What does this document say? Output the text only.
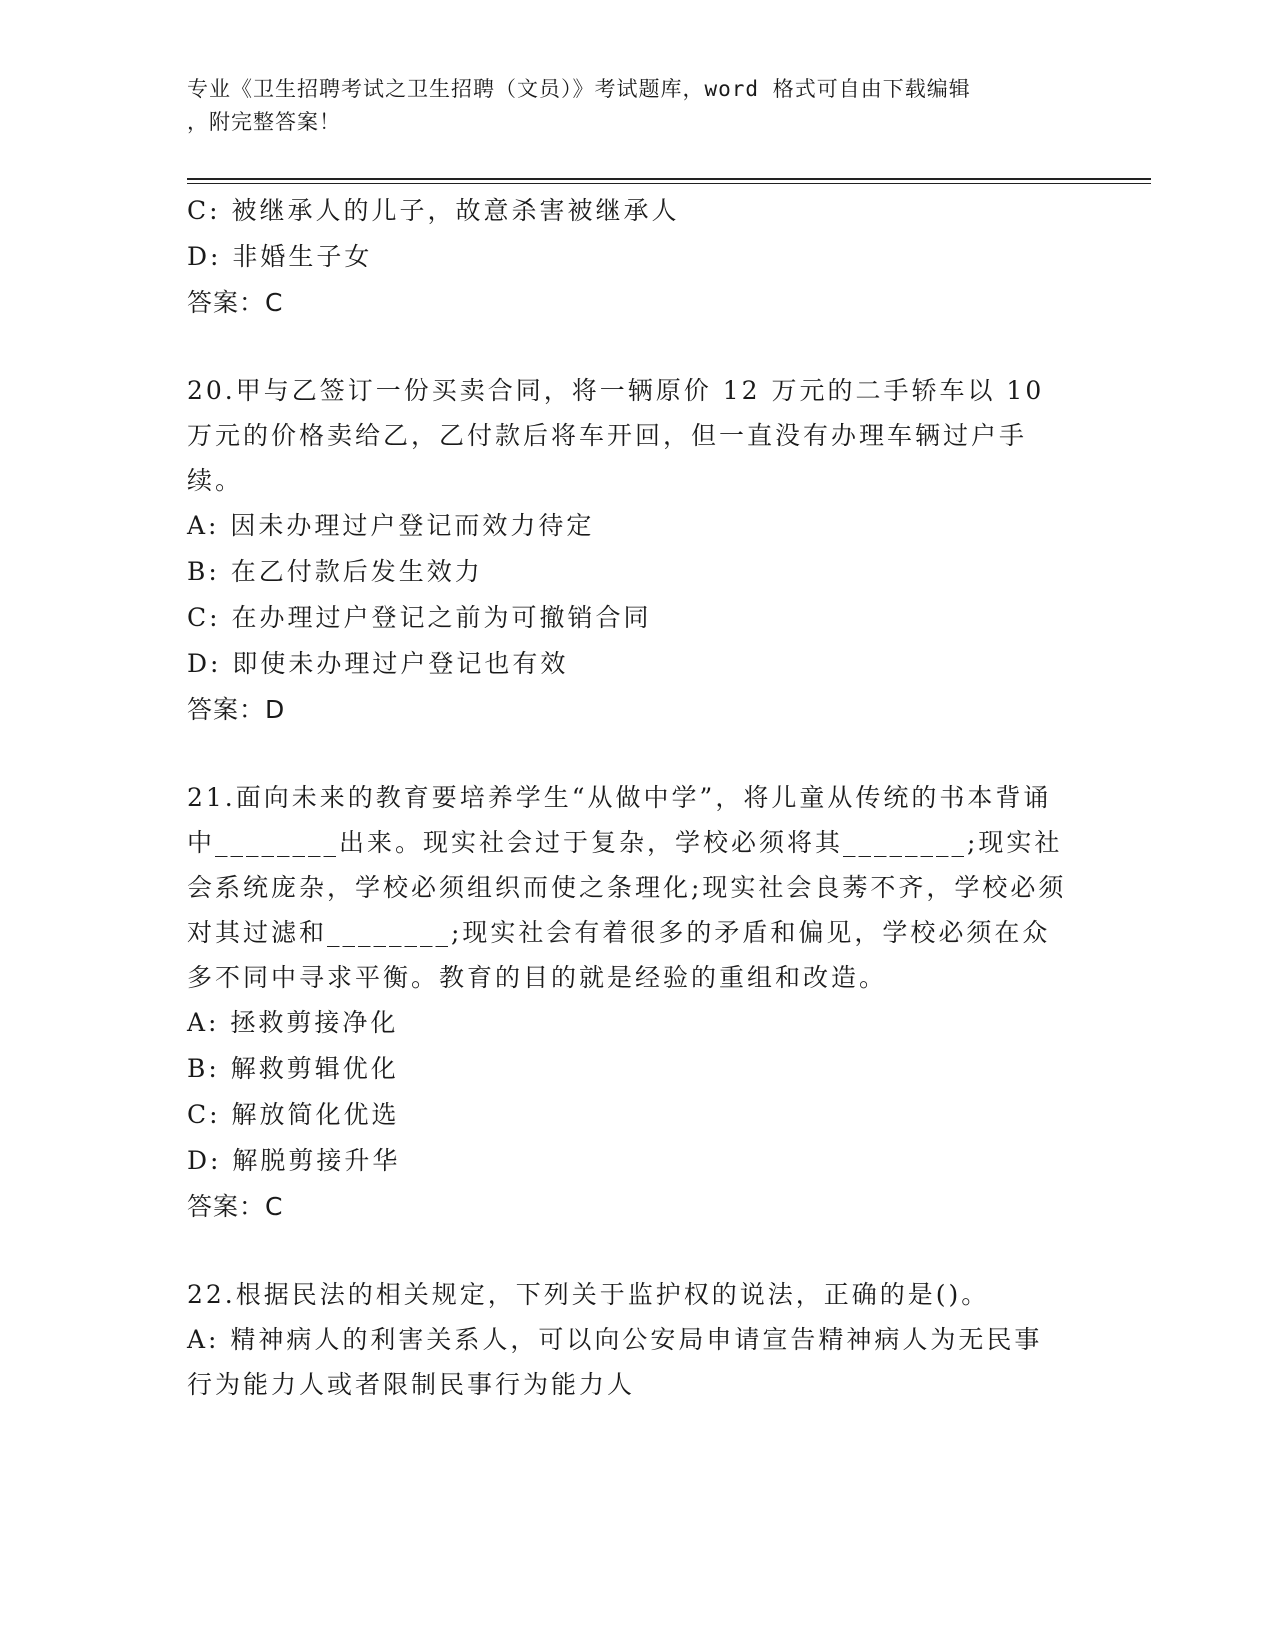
专业《卫生招聘考试之卫生招聘（文员）》考试题库，word 格式可自由下载编辑
，附完整答案！
C: 被继承人的儿子，故意杀害被继承人
D: 非婚生子女
答案：C
20.甲与乙签订一份买卖合同，将一辆原价 12 万元的二手轿车以 10 万元的价格卖给乙，乙付款后将车开回，但一直没有办理车辆过户手续。
A: 因未办理过户登记而效力待定
B: 在乙付款后发生效力
C: 在办理过户登记之前为可撤销合同
D: 即使未办理过户登记也有效
答案：D
21.面向未来的教育要培养学生“从做中学”，将儿童从传统的书本背诵中________出来。现实社会过于复杂，学校必须将其________;现实社会系统庞杂，学校必须组织而使之条理化;现实社会良莠不齐，学校必须对其过滤和________;现实社会有着很多的矛盾和偏见，学校必须在众多不同中寻求平衡。教育的目的就是经验的重组和改造。
A: 拯救剪接净化
B: 解救剪辑优化
C: 解放简化优选
D: 解脱剪接升华
答案：C
22.根据民法的相关规定，下列关于监护权的说法，正确的是()。
A: 精神病人的利害关系人，可以向公安局申请宣告精神病人为无民事行为能力人或者限制民事行为能力人
